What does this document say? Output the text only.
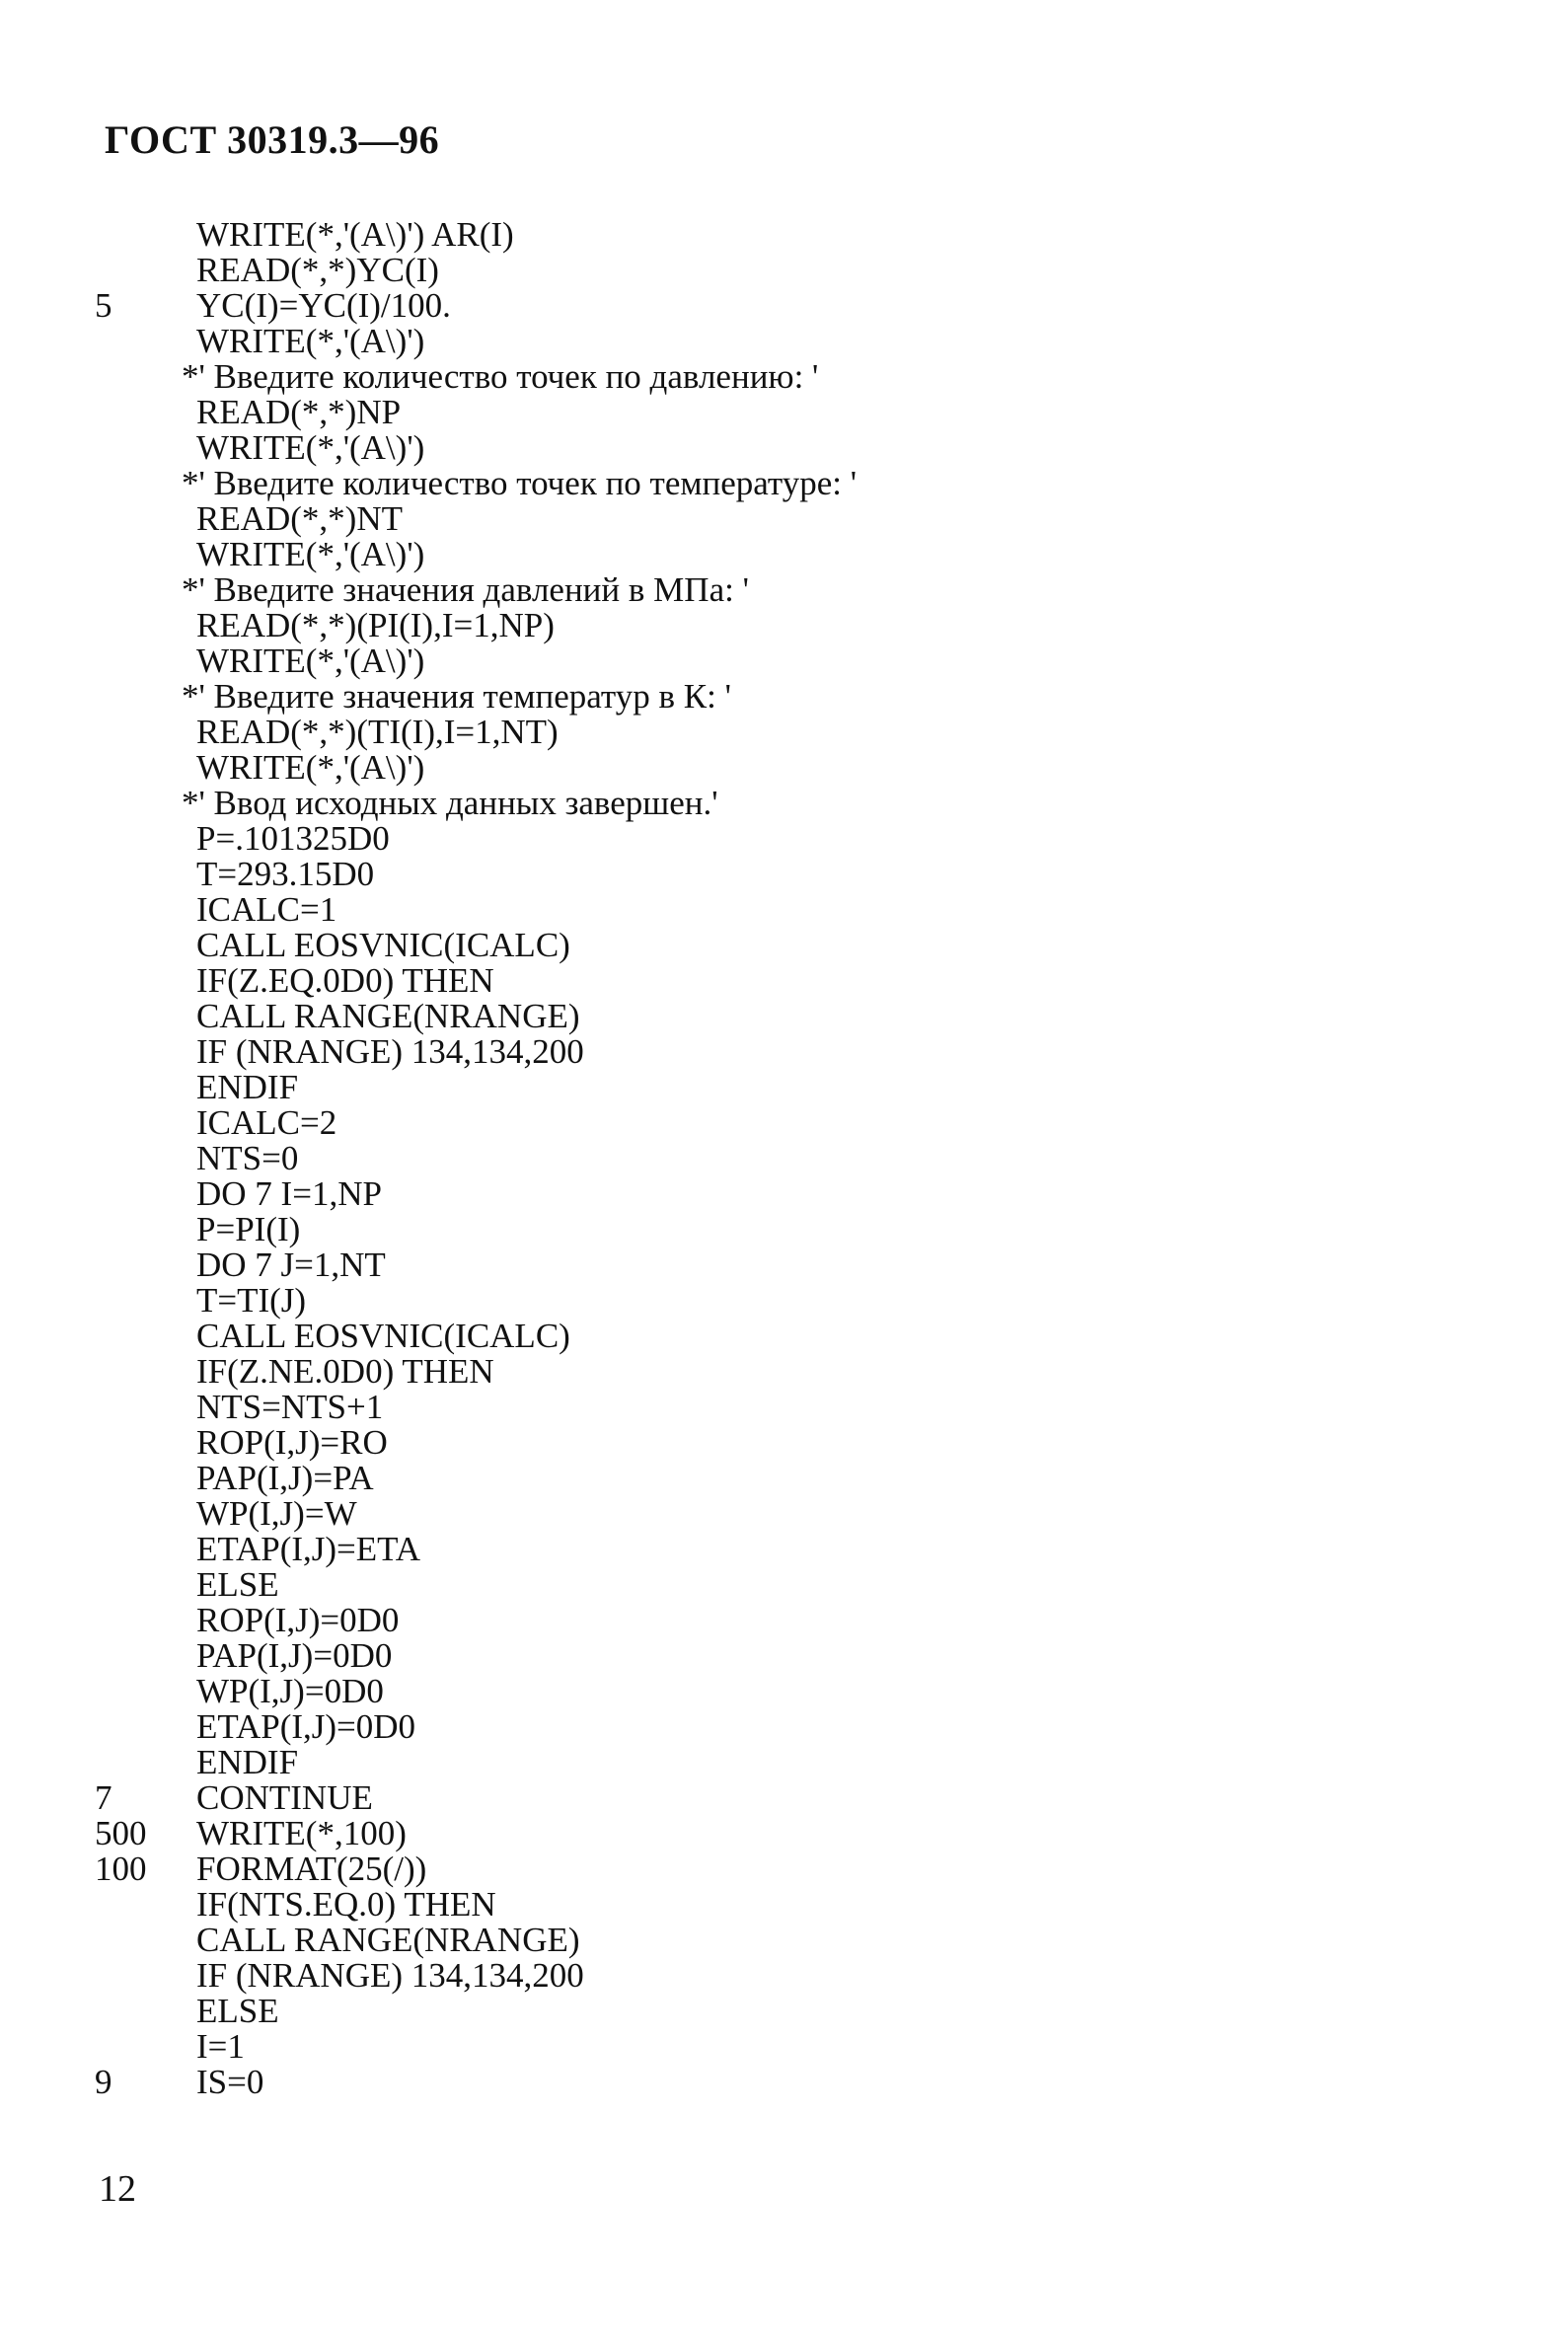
ГОСТ 30319.3—96
WRITE(*,'(A\)') AR(I)
READ(*,*)YC(I)
5	YC(I)=YC(I)/100.
WRITE(*,'(A\)')
*' Введите количество точек по давлению: '
READ(*,*)NP
WRITE(*,'(A\)')
*' Введите количество точек по температуре: '
READ(*,*)NT
WRITE(*,'(A\)')
*' Введите значения давлений в МПа: '
READ(*,*)(PI(I),I=1,NP)
WRITE(*,'(A\)')
*' Введите значения температур в К: '
READ(*,*)(TI(I),I=1,NT)
WRITE(*,'(A\)')
*' Ввод исходных данных завершен.'
P=.101325D0
T=293.15D0
ICALC=1
CALL EOSVNIC(ICALC)
IF(Z.EQ.0D0) THEN
CALL RANGE(NRANGE)
IF (NRANGE) 134,134,200
ENDIF
ICALC=2
NTS=0
DO 7 I=1,NP
P=PI(I)
DO 7 J=1,NT
T=TI(J)
CALL EOSVNIC(ICALC)
IF(Z.NE.0D0) THEN
NTS=NTS+1
ROP(I,J)=RO
PAP(I,J)=PA
WP(I,J)=W
ETAP(I,J)=ETA
ELSE
ROP(I,J)=0D0
PAP(I,J)=0D0
WP(I,J)=0D0
ETAP(I,J)=0D0
ENDIF
7	CONTINUE
500	WRITE(*,100)
100	FORMAT(25(/))
IF(NTS.EQ.0) THEN
CALL RANGE(NRANGE)
IF (NRANGE) 134,134,200
ELSE
I=1
9	IS=0
12
